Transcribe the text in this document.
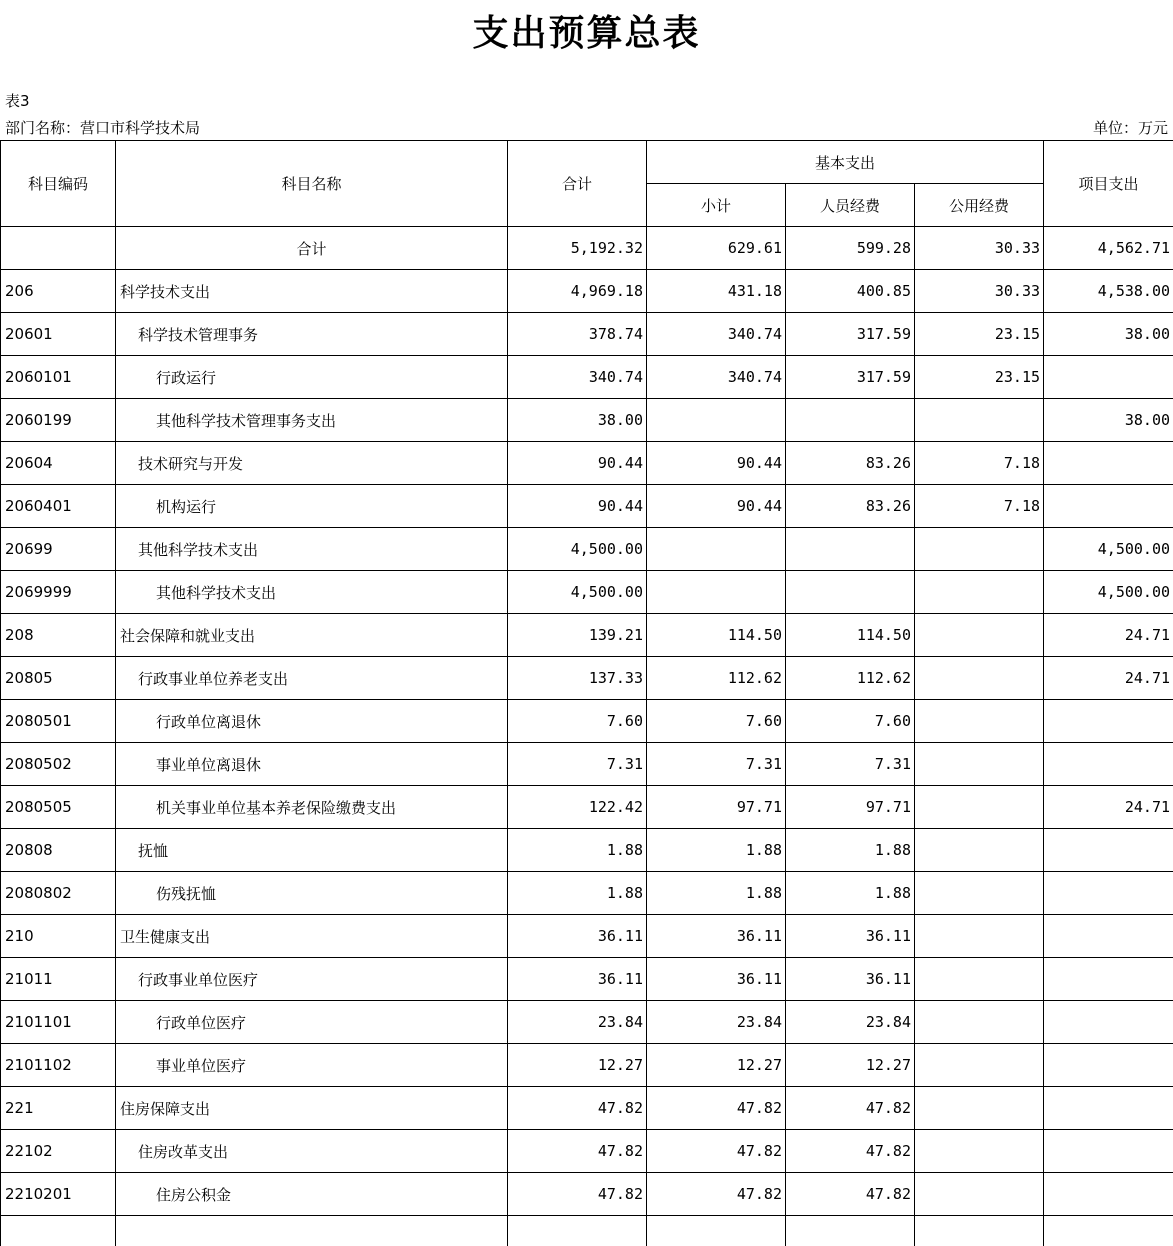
支出预算总表
表3
部门名称：营口市科学技术局	单位：万元
科目编码	科目名称	合计	基本支出			项目支出
			小计	人员经费	公用经费	
	合计	5,192.32	629.61	599.28	30.33	4,562.71
206	科学技术支出	4,969.18	431.18	400.85	30.33	4,538.00
20601	科学技术管理事务	378.74	340.74	317.59	23.15	38.00
2060101	行政运行	340.74	340.74	317.59	23.15	
2060199	其他科学技术管理事务支出	38.00				38.00
20604	技术研究与开发	90.44	90.44	83.26	7.18	
2060401	机构运行	90.44	90.44	83.26	7.18	
20699	其他科学技术支出	4,500.00				4,500.00
2069999	其他科学技术支出	4,500.00				4,500.00
208	社会保障和就业支出	139.21	114.50	114.50		24.71
20805	行政事业单位养老支出	137.33	112.62	112.62		24.71
2080501	行政单位离退休	7.60	7.60	7.60		
2080502	事业单位离退休	7.31	7.31	7.31		
2080505	机关事业单位基本养老保险缴费支出	122.42	97.71	97.71		24.71
20808	抚恤	1.88	1.88	1.88		
2080802	伤残抚恤	1.88	1.88	1.88		
210	卫生健康支出	36.11	36.11	36.11		
21011	行政事业单位医疗	36.11	36.11	36.11		
2101101	行政单位医疗	23.84	23.84	23.84		
2101102	事业单位医疗	12.27	12.27	12.27		
221	住房保障支出	47.82	47.82	47.82		
22102	住房改革支出	47.82	47.82	47.82		
2210201	住房公积金	47.82	47.82	47.82		
